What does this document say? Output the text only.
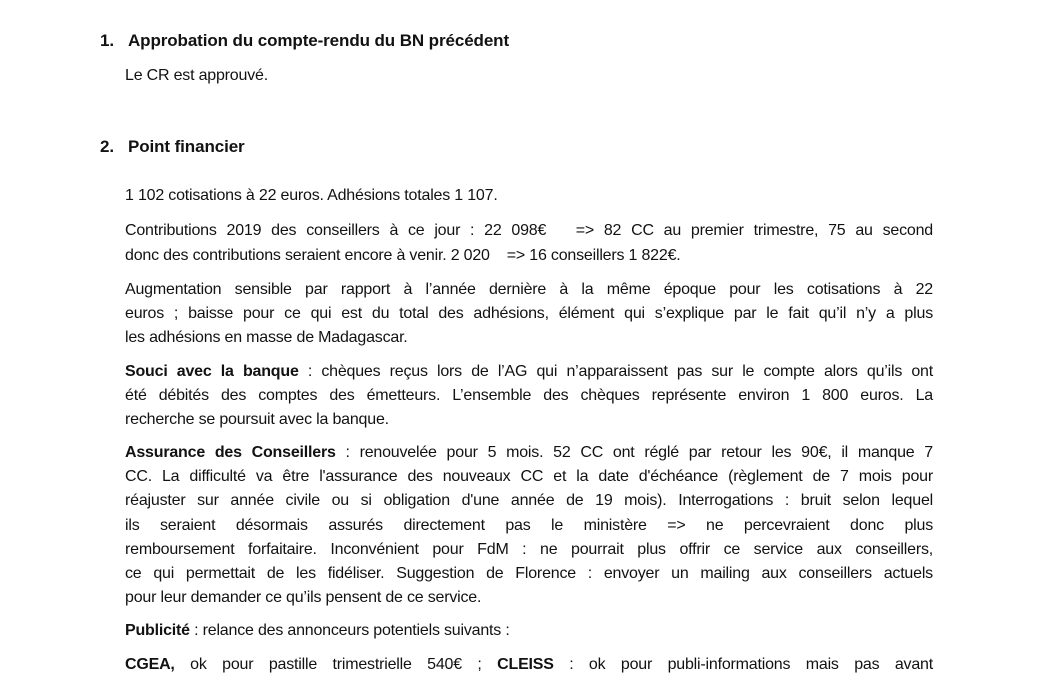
1. Approbation du compte-rendu du BN précédent
Le CR est approuvé.
2. Point financier
1 102 cotisations à 22 euros. Adhésions totales 1 107.
Contributions 2019 des conseillers à ce jour : 22 098€   => 82 CC au premier trimestre, 75 au second
donc des contributions seraient encore à venir. 2 020    => 16 conseillers 1 822€.
Augmentation sensible par rapport à l’année dernière à la même époque pour les cotisations à 22
euros ; baisse pour ce qui est du total des adhésions, élément qui s’explique par le fait qu’il n’y a plus
les adhésions en masse de Madagascar.
Souci avec la banque : chèques reçus lors de l’AG qui n’apparaissent pas sur le compte alors qu’ils ont
été débités des comptes des émetteurs. L’ensemble des chèques représente environ 1 800 euros. La
recherche se poursuit avec la banque.
Assurance des Conseillers : renouvelée pour 5 mois. 52 CC ont réglé par retour les 90€, il manque 7
CC. La difficulté va être l'assurance des nouveaux CC et la date d'échéance (règlement de 7 mois pour
réajuster sur année civile ou si obligation d'une année de 19 mois). Interrogations : bruit selon lequel
ils seraient désormais assurés directement pas le ministère => ne percevraient donc plus
remboursement forfaitaire. Inconvénient pour FdM : ne pourrait plus offrir ce service aux conseillers,
ce qui permettait de les fidéliser. Suggestion de Florence : envoyer un mailing aux conseillers actuels
pour leur demander ce qu’ils pensent de ce service.
Publicité : relance des annonceurs potentiels suivants :
CGEA, ok pour pastille trimestrielle 540€ ; CLEISS : ok pour publi-informations mais pas avant
